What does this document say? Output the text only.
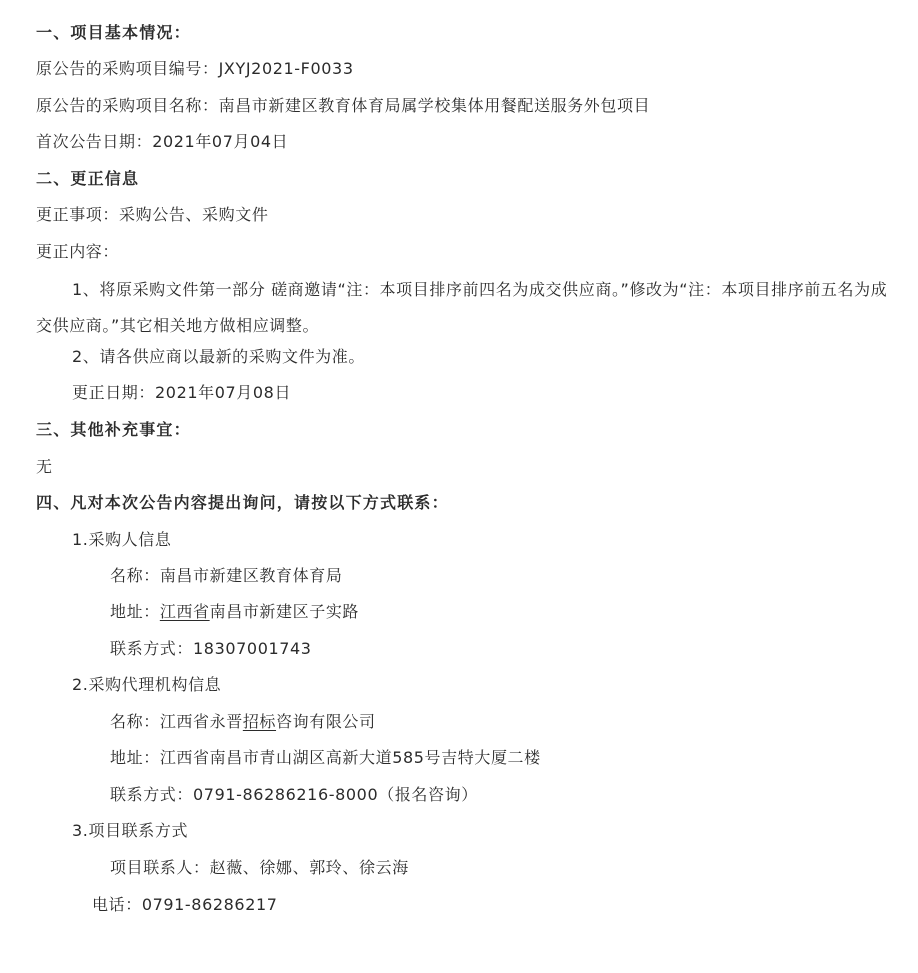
一、项目基本情况：
原公告的采购项目编号：JXYJ2021-F0033
原公告的采购项目名称：南昌市新建区教育体育局属学校集体用餐配送服务外包项目
首次公告日期：2021年07月04日
二、更正信息
更正事项：采购公告、采购文件
更正内容：
1、将原采购文件第一部分 磋商邀请“注：本项目排序前四名为成交供应商。”修改为“注：本项目排序前五名为成交供应商。”其它相关地方做相应调整。
2、请各供应商以最新的采购文件为准。
更正日期：2021年07月08日
三、其他补充事宜：
无
四、凡对本次公告内容提出询问，请按以下方式联系：
1.采购人信息
名称：南昌市新建区教育体育局
地址：江西省南昌市新建区子实路
联系方式：18307001743
2.采购代理机构信息
名称：江西省永晋招标咨询有限公司
地址：江西省南昌市青山湖区高新大道585号吉特大厦二楼
联系方式：0791-86286216-8000（报名咨询）
3.项目联系方式
项目联系人：赵薇、徐娜、郭玲、徐云海
电话：0791-86286217
